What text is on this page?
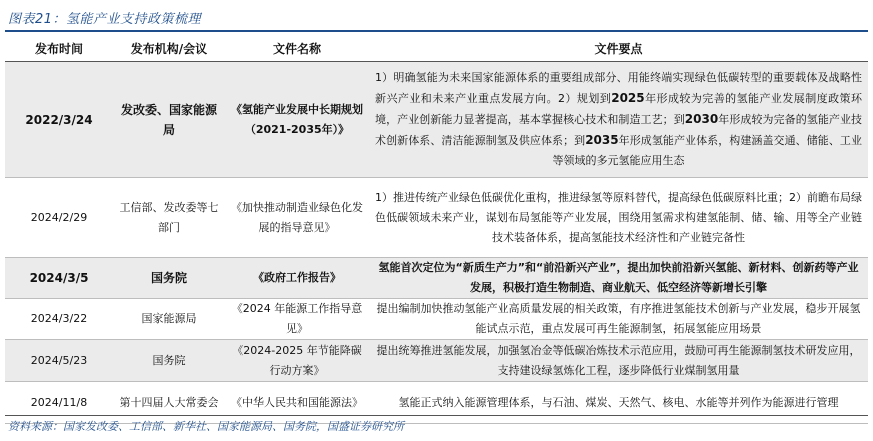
图表21：氢能产业支持政策梳理
发布时间	发布机构/会议	文件名称	文件要点
2022/3/24	发改委、国家能源局	《氢能产业发展中长期规划（2021-2035年）》	1）明确氢能为未来国家能源体系的重要组成部分、用能终端实现绿色低碳转型的重要载体及战略性新兴产业和未来产业重点发展方向。2）规划到2025年形成较为完善的氢能产业发展制度政策环境，产业创新能力显著提高，基本掌握核心技术和制造工艺；到2030年形成较为完备的氢能产业技术创新体系、清洁能源制氢及供应体系；到2035年形成氢能产业体系，构建涵盖交通、储能、工业等领域的多元氢能应用生态
2024/2/29	工信部、发改委等七部门	《加快推动制造业绿色化发展的指导意见》	1）推进传统产业绿色低碳优化重构，推进绿氢等原料替代，提高绿色低碳原料比重；2）前瞻布局绿色低碳领域未来产业，谋划布局氢能等产业发展，围绕用氢需求构建氢能制、储、输、用等全产业链技术装备体系，提高氢能技术经济性和产业链完备性
2024/3/5	国务院	《政府工作报告》	氢能首次定位为“新质生产力”和“前沿新兴产业”，提出加快前沿新兴氢能、新材料、创新药等产业发展，积极打造生物制造、商业航天、低空经济等新增长引擎
2024/3/22	国家能源局	《2024 年能源工作指导意见》	提出编制加快推动氢能产业高质量发展的相关政策，有序推进氢能技术创新与产业发展，稳步开展氢能试点示范，重点发展可再生能源制氢，拓展氢能应用场景
2024/5/23	国务院	《2024-2025 年节能降碳行动方案》	提出统筹推进氢能发展，加强氢冶金等低碳冶炼技术示范应用，鼓励可再生能源制氢技术研发应用，支持建设绿氢炼化工程，逐步降低行业煤制氢用量
2024/11/8	第十四届人大常委会	《中华人民共和国能源法》	氢能正式纳入能源管理体系，与石油、煤炭、天然气、核电、水能等并列作为能源进行管理
资料来源：国家发改委、工信部、新华社、国家能源局、国务院，国盛证券研究所
